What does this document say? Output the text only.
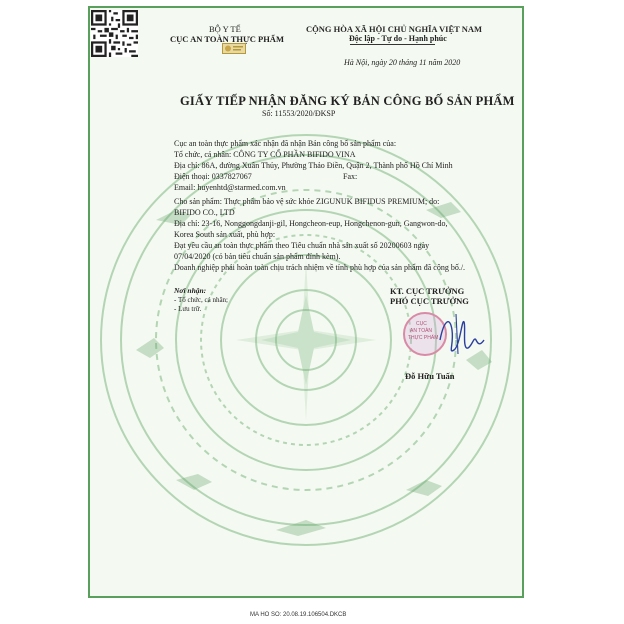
BỘ Y TẾ
CỤC AN TOÀN THỰC PHẨM
CỘNG HÒA XÃ HỘI CHỦ NGHĨA VIỆT NAM
Độc lập - Tự do - Hạnh phúc
Hà Nội, ngày 20 tháng 11 năm 2020
GIẤY TIẾP NHẬN ĐĂNG KÝ BẢN CÔNG BỐ SẢN PHẨM
Số: 11553/2020/ĐKSP
Cục an toàn thực phẩm xác nhận đã nhận Bản công bố sản phẩm của:
Tổ chức, cá nhân: CÔNG TY CỔ PHẦN BIFIDO VINA
Địa chỉ: 86A, đường Xuân Thủy, Phường Thảo Điền, Quận 2, Thành phố Hồ Chí Minh
Điện thoại: 0337827067	Fax:
Email: huyenhtd@starmed.com.vn
Cho sản phẩm: Thực phẩm bảo vệ sức khỏe ZIGUNUK BIFIDUS PREMIUM; do:
BIFIDO CO., LTD
Địa chỉ: 23-16, Nonggongdanji-gil, Hongcheon-eup, Hongchenon-gun, Gangwon-do,
Korea South sản xuất, phù hợp:
Đạt yêu cầu an toàn thực phẩm theo Tiêu chuẩn nhà sản xuất số 20200603 ngày
07/04/2020 (có bản tiêu chuẩn sản phẩm đính kèm).
Doanh nghiệp phải hoàn toàn chịu trách nhiệm về tính phù hợp của sản phẩm đã công bố./.
Nơi nhận:
- Tổ chức, cá nhân;
- Lưu trữ.
KT. CỤC TRƯỞNG
PHÓ CỤC TRƯỞNG
CỤC
AN TOÀN
THỰC PHẨM
Đỗ Hữu Tuấn
MA HO SO: 20.08.19.106504.DKCB
